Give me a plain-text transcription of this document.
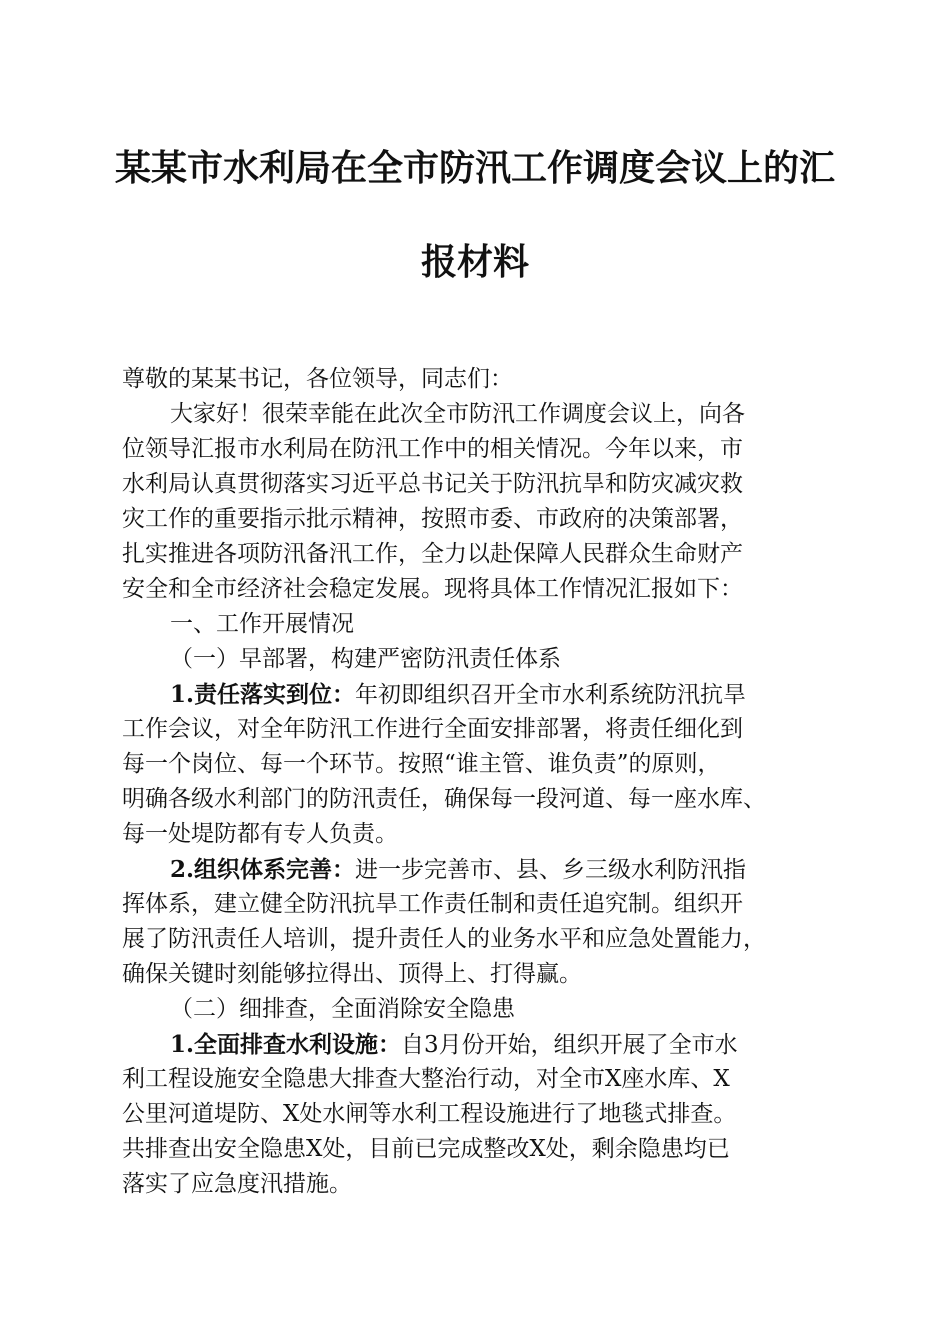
某某市水利局在全市防汛工作调度会议上的汇
报材料
尊敬的某某书记，各位领导，同志们：
大家好！很荣幸能在此次全市防汛工作调度会议上，向各
位领导汇报市水利局在防汛工作中的相关情况。今年以来，市
水利局认真贯彻落实习近平总书记关于防汛抗旱和防灾减灾救
灾工作的重要指示批示精神，按照市委、市政府的决策部署，
扎实推进各项防汛备汛工作，全力以赴保障人民群众生命财产
安全和全市经济社会稳定发展。现将具体工作情况汇报如下：
一、工作开展情况
（一）早部署，构建严密防汛责任体系
1.责任落实到位：年初即组织召开全市水利系统防汛抗旱
工作会议，对全年防汛工作进行全面安排部署，将责任细化到
每一个岗位、每一个环节。按照“谁主管、谁负责”的原则，
明确各级水利部门的防汛责任，确保每一段河道、每一座水库、
每一处堤防都有专人负责。
2.组织体系完善：进一步完善市、县、乡三级水利防汛指
挥体系，建立健全防汛抗旱工作责任制和责任追究制。组织开
展了防汛责任人培训，提升责任人的业务水平和应急处置能力，
确保关键时刻能够拉得出、顶得上、打得赢。
（二）细排查，全面消除安全隐患
1.全面排查水利设施：自3月份开始，组织开展了全市水
利工程设施安全隐患大排查大整治行动，对全市X座水库、X
公里河道堤防、X处水闸等水利工程设施进行了地毯式排查。
共排查出安全隐患X处，目前已完成整改X处，剩余隐患均已
落实了应急度汛措施。
